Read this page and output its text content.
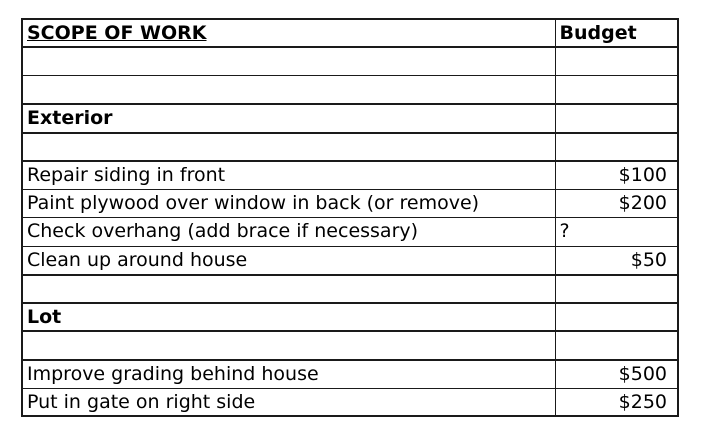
SCOPE OF WORK	Budget

Exterior	

Repair siding in front	$100
Paint plywood over window in back (or remove)	$200
Check overhang (add brace if necessary)	?
Clean up around house	$50

Lot	

Improve grading behind house	$500
Put in gate on right side	$250
